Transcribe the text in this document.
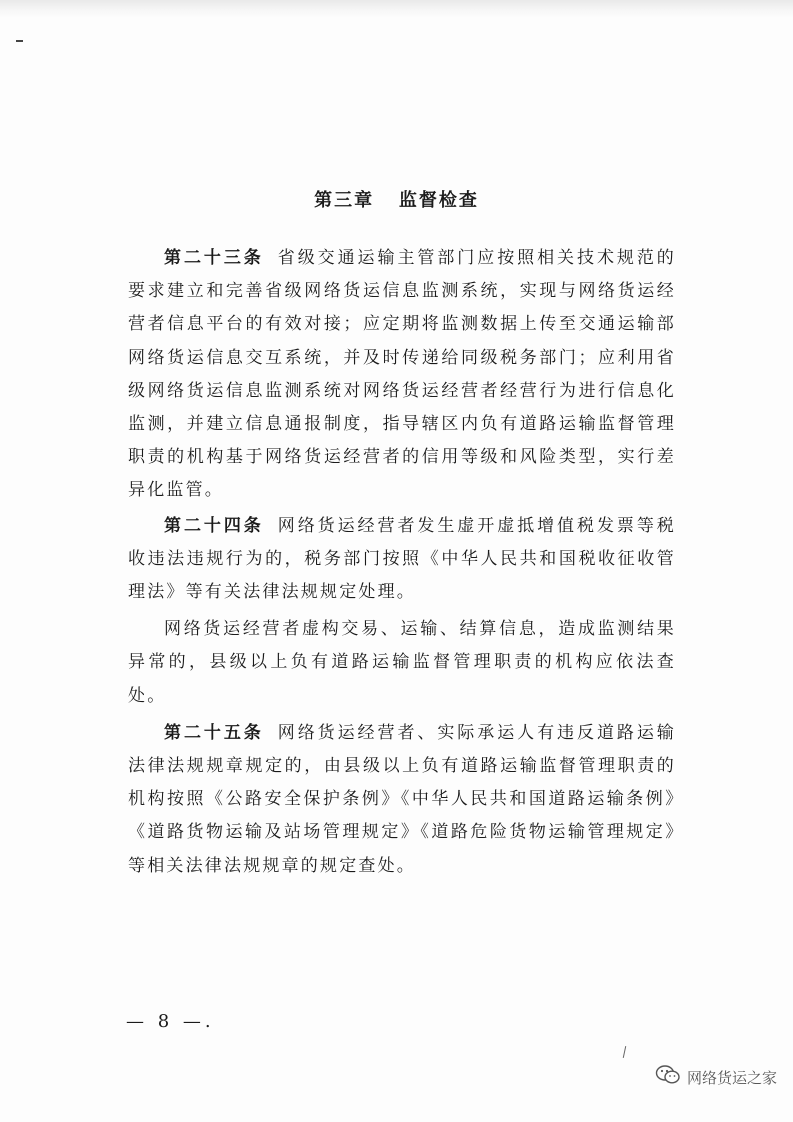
第三章   监督检查

第二十三条 省级交通运输主管部门应按照相关技术规范的要求建立和完善省级网络货运信息监测系统，实现与网络货运经营者信息平台的有效对接；应定期将监测数据上传至交通运输部网络货运信息交互系统，并及时传递给同级税务部门；应利用省级网络货运信息监测系统对网络货运经营者经营行为进行信息化监测，并建立信息通报制度，指导辖区内负有道路运输监督管理职责的机构基于网络货运经营者的信用等级和风险类型，实行差异化监管。

第二十四条 网络货运经营者发生虚开虚抵增值税发票等税收违法违规行为的，税务部门按照《中华人民共和国税收征收管理法》等有关法律法规规定处理。

网络货运经营者虚构交易、运输、结算信息，造成监测结果异常的，县级以上负有道路运输监督管理职责的机构应依法查处。

第二十五条 网络货运经营者、实际承运人有违反道路运输法律法规规章规定的，由县级以上负有道路运输监督管理职责的机构按照《公路安全保护条例》《中华人民共和国道路运输条例》《道路货物运输及站场管理规定》《道路危险货物运输管理规定》等相关法律法规规章的规定查处。

— 8 —.
网络货运之家
